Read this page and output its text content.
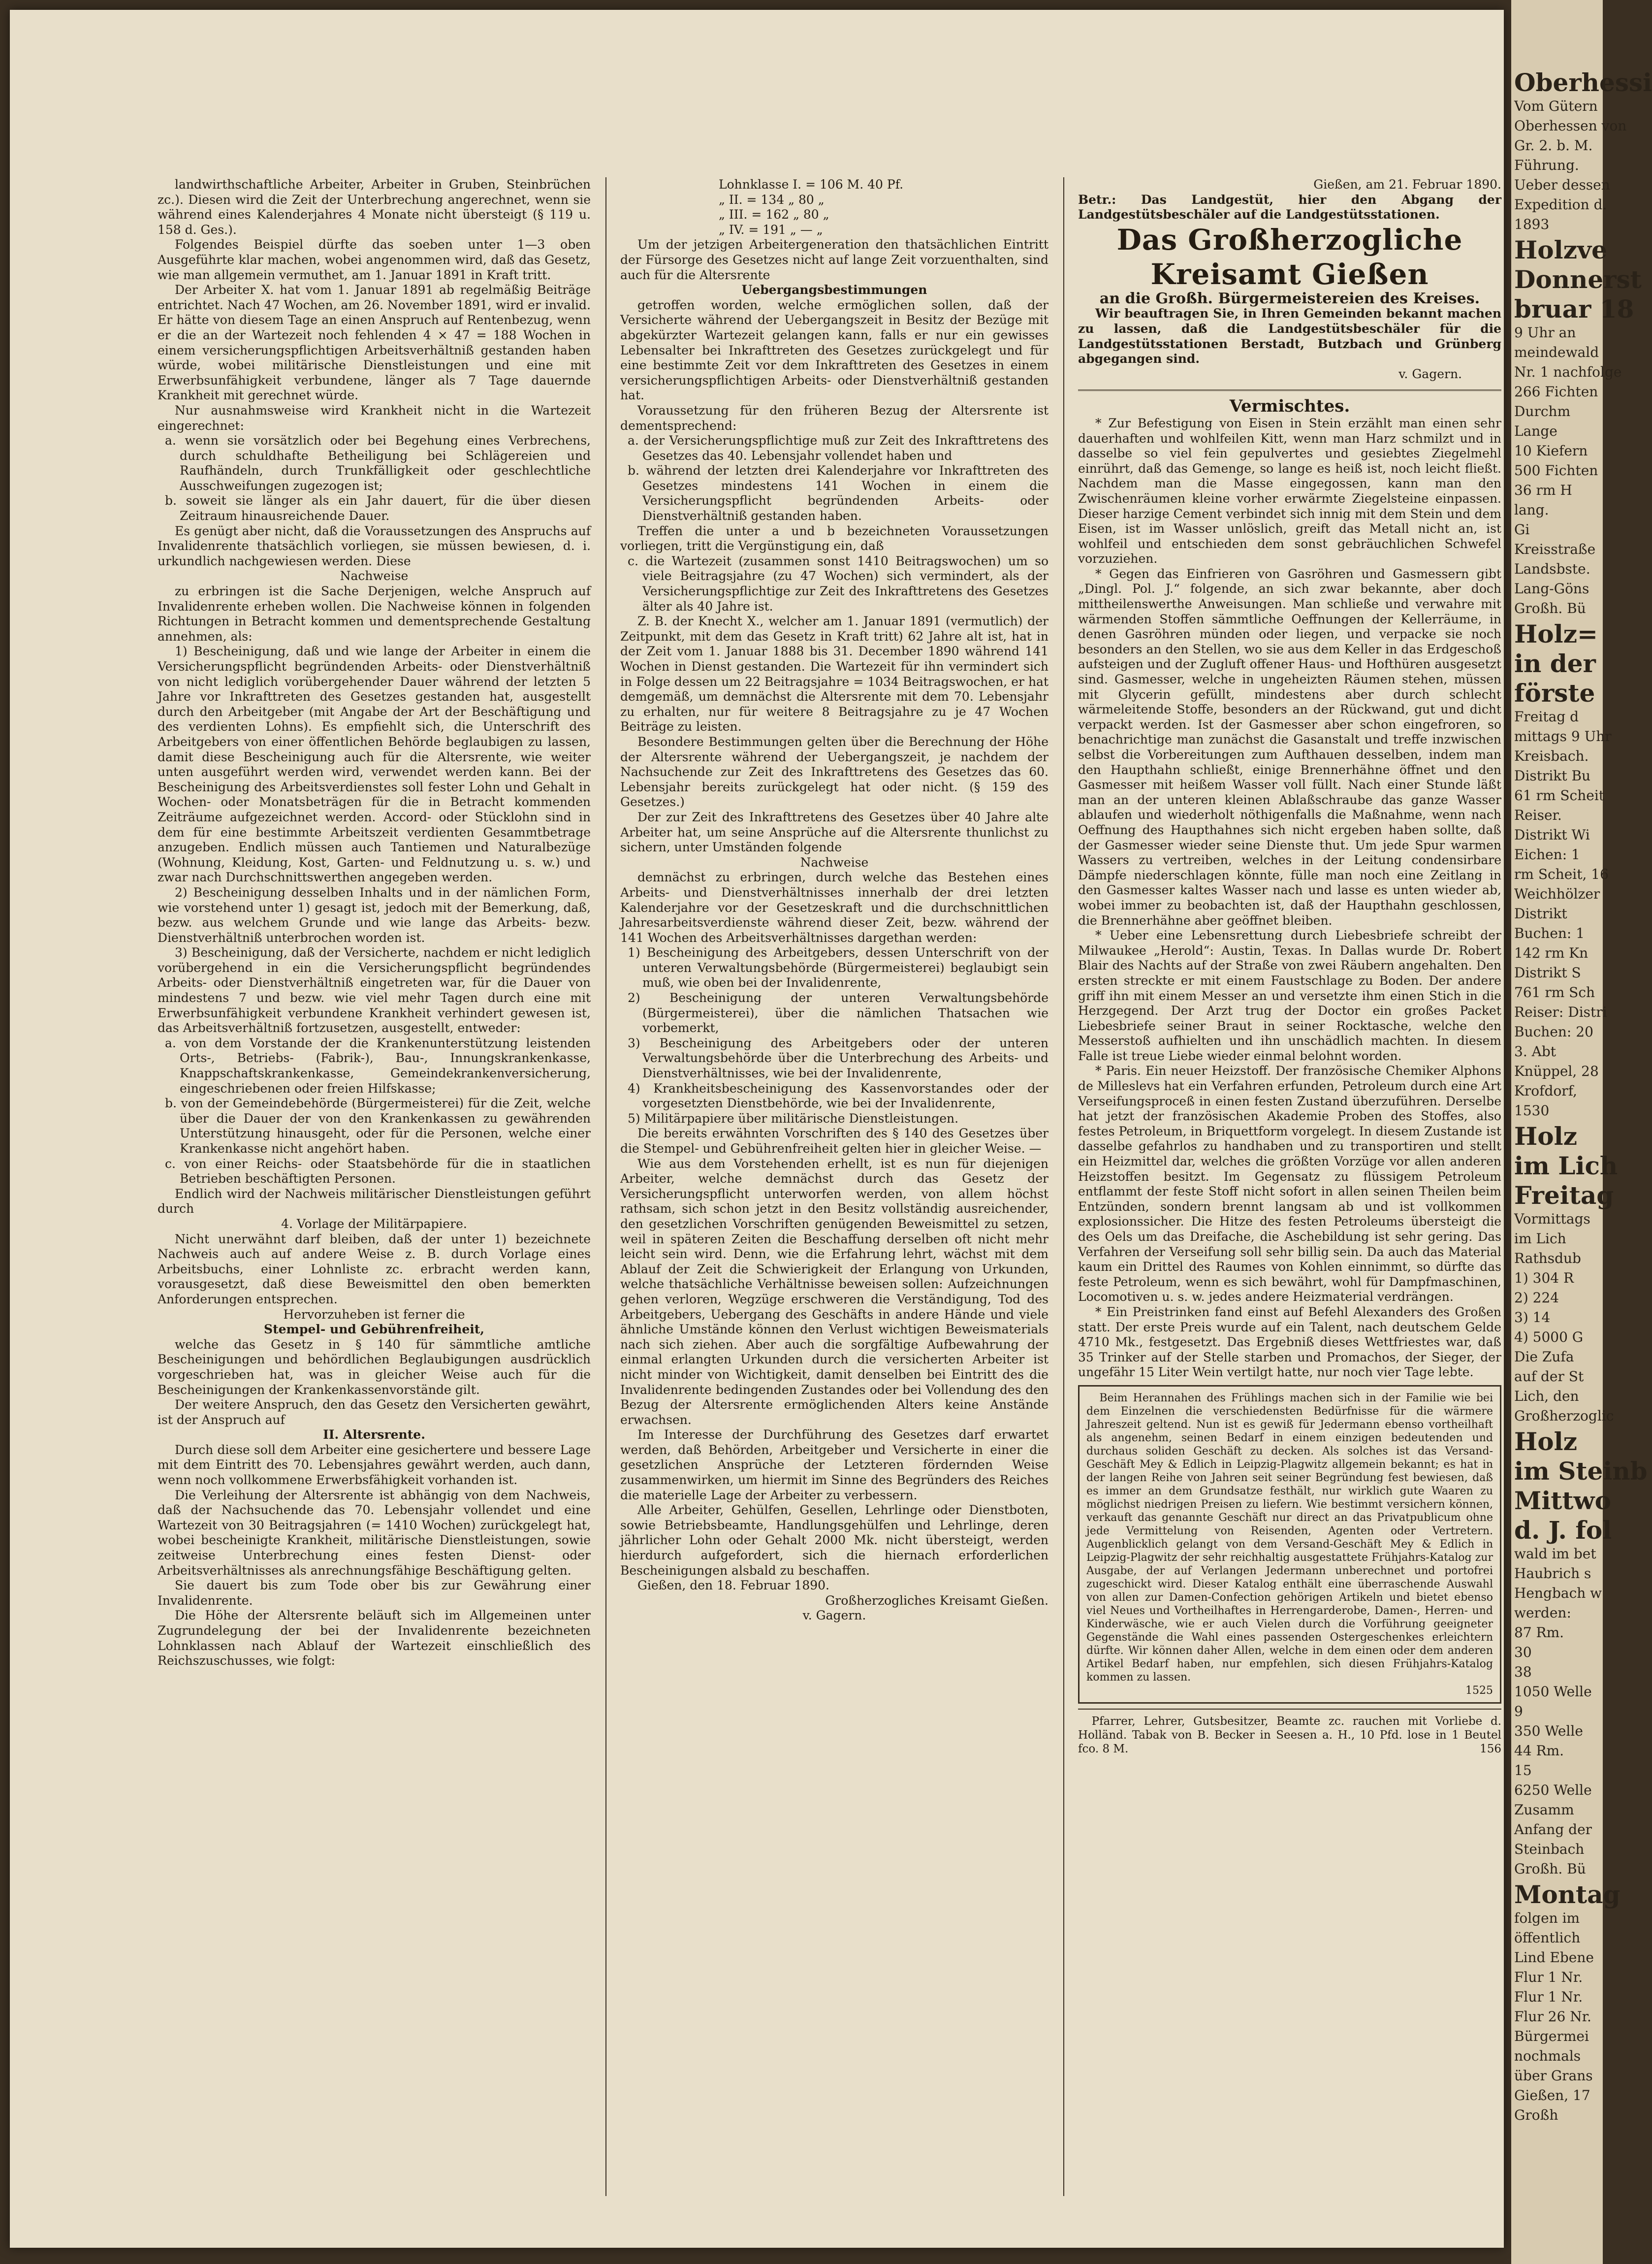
landwirthschaftliche Arbeiter, Arbeiter in Gruben, Steinbrüchen zc.). Diesen wird die Zeit der Unterbrechung angerechnet, wenn sie während eines Kalenderjahres 4 Monate nicht übersteigt (§ 119 u. 158 d. Ges.).

Folgendes Beispiel dürfte das soeben unter 1—3 oben Ausgeführte klar machen, wobei angenommen wird, daß das Gesetz, wie man allgemein vermuthet, am 1. Januar 1891 in Kraft tritt.

Der Arbeiter X. hat vom 1. Januar 1891 ab regelmäßig Beiträge entrichtet. Nach 47 Wochen, am 26. November 1891, wird er invalid. Er hätte von diesem Tage an einen Anspruch auf Rentenbezug, wenn er die an der Wartezeit noch fehlenden 4 × 47 = 188 Wochen in einem versicherungspflichtigen Arbeitsverhältniß gestanden haben würde, wobei militärische Dienstleistungen und eine mit Erwerbsunfähigkeit verbundene, länger als 7 Tage dauernde Krankheit mit gerechnet würde.

Nur ausnahmsweise wird Krankheit nicht in die Wartezeit eingerechnet:

a. wenn sie vorsätzlich oder bei Begehung eines Verbrechens, durch schuldhafte Betheiligung bei Schlägereien und Raufhändeln, durch Trunkfälligkeit oder geschlechtliche Ausschweifungen zugezogen ist;

b. soweit sie länger als ein Jahr dauert, für die über diesen Zeitraum hinausreichende Dauer.

Es genügt aber nicht, daß die Voraussetzungen des Anspruchs auf Invalidenrente thatsächlich vorliegen, sie müssen bewiesen, d. i. urkundlich nachgewiesen werden. Diese

Nachweise

zu erbringen ist die Sache Derjenigen, welche Anspruch auf Invalidenrente erheben wollen. Die Nachweise können in folgenden Richtungen in Betracht kommen und dementsprechende Gestaltung annehmen, als:

1) Bescheinigung, daß und wie lange der Arbeiter in einem die Versicherungspflicht begründenden Arbeits- oder Dienstverhältniß von nicht lediglich vorübergehender Dauer während der letzten 5 Jahre vor Inkrafttreten des Gesetzes gestanden hat, ausgestellt durch den Arbeitgeber (mit Angabe der Art der Beschäftigung und des verdienten Lohns). Es empfiehlt sich, die Unterschrift des Arbeitgebers von einer öffentlichen Behörde beglaubigen zu lassen, damit diese Bescheinigung auch für die Altersrente, wie weiter unten ausgeführt werden wird, verwendet werden kann. Bei der Bescheinigung des Arbeitsverdienstes soll fester Lohn und Gehalt in Wochen- oder Monatsbeträgen für die in Betracht kommenden Zeiträume aufgezeichnet werden. Accord- oder Stücklohn sind in dem für eine bestimmte Arbeitszeit verdienten Gesammtbetrage anzugeben. Endlich müssen auch Tantiemen und Naturalbezüge (Wohnung, Kleidung, Kost, Garten- und Feldnutzung u. s. w.) und zwar nach Durchschnittswerthen angegeben werden.

2) Bescheinigung desselben Inhalts und in der nämlichen Form, wie vorstehend unter 1) gesagt ist, jedoch mit der Bemerkung, daß, bezw. aus welchem Grunde und wie lange das Arbeits- bezw. Dienstverhältniß unterbrochen worden ist.

3) Bescheinigung, daß der Versicherte, nachdem er nicht lediglich vorübergehend in ein die Versicherungspflicht begründendes Arbeits- oder Dienstverhältniß eingetreten war, für die Dauer von mindestens 7 und bezw. wie viel mehr Tagen durch eine mit Erwerbsunfähigkeit verbundene Krankheit verhindert gewesen ist, das Arbeitsverhältniß fortzusetzen, ausgestellt, entweder:

a. von dem Vorstande der die Krankenunterstützung leistenden Orts-, Betriebs- (Fabrik-), Bau-, Innungskrankenkasse, Knappschaftskrankenkasse, Gemeindekrankenversicherung, eingeschriebenen oder freien Hilfskasse;

b. von der Gemeindebehörde (Bürgermeisterei) für die Zeit, welche über die Dauer der von den Krankenkassen zu gewährenden Unterstützung hinausgeht, oder für die Personen, welche einer Krankenkasse nicht angehört haben.

c. von einer Reichs- oder Staatsbehörde für die in staatlichen Betrieben beschäftigten Personen.

Endlich wird der Nachweis militärischer Dienstleistungen geführt durch

4. Vorlage der Militärpapiere.

Nicht unerwähnt darf bleiben, daß der unter 1) bezeichnete Nachweis auch auf andere Weise z. B. durch Vorlage eines Arbeitsbuchs, einer Lohnliste zc. erbracht werden kann, vorausgesetzt, daß diese Beweismittel den oben bemerkten Anforderungen entsprechen.

Hervorzuheben ist ferner die

Stempel- und Gebührenfreiheit,

welche das Gesetz in § 140 für sämmtliche amtliche Bescheinigungen und behördlichen Beglaubigungen ausdrücklich vorgeschrieben hat, was in gleicher Weise auch für die Bescheinigungen der Krankenkassenvorstände gilt.

Der weitere Anspruch, den das Gesetz den Versicherten gewährt, ist der Anspruch auf

II. Altersrente.

Durch diese soll dem Arbeiter eine gesichertere und bessere Lage mit dem Eintritt des 70. Lebensjahres gewährt werden, auch dann, wenn noch vollkommene Erwerbsfähigkeit vorhanden ist.

Die Verleihung der Altersrente ist abhängig von dem Nachweis, daß der Nachsuchende das 70. Lebensjahr vollendet und eine Wartezeit von 30 Beitragsjahren (= 1410 Wochen) zurückgelegt hat, wobei bescheinigte Krankheit, militärische Dienstleistungen, sowie zeitweise Unterbrechung eines festen Dienst- oder Arbeitsverhältnisses als anrechnungsfähige Beschäftigung gelten.

Sie dauert bis zum Tode ober bis zur Gewährung einer Invalidenrente.

Die Höhe der Altersrente beläuft sich im Allgemeinen unter Zugrundelegung der bei der Invalidenrente bezeichneten Lohnklassen nach Ablauf der Wartezeit einschließlich des Reichszuschusses, wie folgt:

Lohnklasse I. = 106 M. 40 Pf.
„ II. = 134 „ 80 „
„ III. = 162 „ 80 „
„ IV. = 191 „ — „

Um der jetzigen Arbeitergeneration den thatsächlichen Eintritt der Fürsorge des Gesetzes nicht auf lange Zeit vorzuenthalten, sind auch für die Altersrente

Uebergangsbestimmungen

getroffen worden, welche ermöglichen sollen, daß der Versicherte während der Uebergangszeit in Besitz der Bezüge mit abgekürzter Wartezeit gelangen kann, falls er nur ein gewisses Lebensalter bei Inkrafttreten des Gesetzes zurückgelegt und für eine bestimmte Zeit vor dem Inkrafttreten des Gesetzes in einem versicherungspflichtigen Arbeits- oder Dienstverhältniß gestanden hat.

Voraussetzung für den früheren Bezug der Altersrente ist dementsprechend:

a. der Versicherungspflichtige muß zur Zeit des Inkrafttretens des Gesetzes das 40. Lebensjahr vollendet haben und

b. während der letzten drei Kalenderjahre vor Inkrafttreten des Gesetzes mindestens 141 Wochen in einem die Versicherungspflicht begründenden Arbeits- oder Dienstverhältniß gestanden haben.

Treffen die unter a und b bezeichneten Voraussetzungen vorliegen, tritt die Vergünstigung ein, daß

c. die Wartezeit (zusammen sonst 1410 Beitragswochen) um so viele Beitragsjahre (zu 47 Wochen) sich vermindert, als der Versicherungspflichtige zur Zeit des Inkrafttretens des Gesetzes älter als 40 Jahre ist.

Z. B. der Knecht X., welcher am 1. Januar 1891 (vermutlich) der Zeitpunkt, mit dem das Gesetz in Kraft tritt) 62 Jahre alt ist, hat in der Zeit vom 1. Januar 1888 bis 31. December 1890 während 141 Wochen in Dienst gestanden. Die Wartezeit für ihn vermindert sich in Folge dessen um 22 Beitragsjahre = 1034 Beitragswochen, er hat demgemäß, um demnächst die Altersrente mit dem 70. Lebensjahr zu erhalten, nur für weitere 8 Beitragsjahre zu je 47 Wochen Beiträge zu leisten.

Besondere Bestimmungen gelten über die Berechnung der Höhe der Altersrente während der Uebergangszeit, je nachdem der Nachsuchende zur Zeit des Inkrafttretens des Gesetzes das 60. Lebensjahr bereits zurückgelegt hat oder nicht. (§ 159 des Gesetzes.)

Der zur Zeit des Inkrafttretens des Gesetzes über 40 Jahre alte Arbeiter hat, um seine Ansprüche auf die Altersrente thunlichst zu sichern, unter Umständen folgende

Nachweise

demnächst zu erbringen, durch welche das Bestehen eines Arbeits- und Dienstverhältnisses innerhalb der drei letzten Kalenderjahre vor der Gesetzeskraft und die durchschnittlichen Jahresarbeitsverdienste während dieser Zeit, bezw. während der 141 Wochen des Arbeitsverhältnisses dargethan werden:

1) Bescheinigung des Arbeitgebers, dessen Unterschrift von der unteren Verwaltungsbehörde (Bürgermeisterei) beglaubigt sein muß, wie oben bei der Invalidenrente,

2) Bescheinigung der unteren Verwaltungsbehörde (Bürgermeisterei), über die nämlichen Thatsachen wie vorbemerkt,

3) Bescheinigung des Arbeitgebers oder der unteren Verwaltungsbehörde über die Unterbrechung des Arbeits- und Dienstverhältnisses, wie bei der Invalidenrente,

4) Krankheitsbescheinigung des Kassenvorstandes oder der vorgesetzten Dienstbehörde, wie bei der Invalidenrente,

5) Militärpapiere über militärische Dienstleistungen.

Die bereits erwähnten Vorschriften des § 140 des Gesetzes über die Stempel- und Gebührenfreiheit gelten hier in gleicher Weise. —

Wie aus dem Vorstehenden erhellt, ist es nun für diejenigen Arbeiter, welche demnächst durch das Gesetz der Versicherungspflicht unterworfen werden, von allem höchst rathsam, sich schon jetzt in den Besitz vollständig ausreichender, den gesetzlichen Vorschriften genügenden Beweismittel zu setzen, weil in späteren Zeiten die Beschaffung derselben oft nicht mehr leicht sein wird. Denn, wie die Erfahrung lehrt, wächst mit dem Ablauf der Zeit die Schwierigkeit der Erlangung von Urkunden, welche thatsächliche Verhältnisse beweisen sollen: Aufzeichnungen gehen verloren, Wegzüge erschweren die Verständigung, Tod des Arbeitgebers, Uebergang des Geschäfts in andere Hände und viele ähnliche Umstände können den Verlust wichtigen Beweismaterials nach sich ziehen. Aber auch die sorgfältige Aufbewahrung der einmal erlangten Urkunden durch die versicherten Arbeiter ist nicht minder von Wichtigkeit, damit denselben bei Eintritt des die Invalidenrente bedingenden Zustandes oder bei Vollendung des den Bezug der Altersrente ermöglichenden Alters keine Anstände erwachsen.

Im Interesse der Durchführung des Gesetzes darf erwartet werden, daß Behörden, Arbeitgeber und Versicherte in einer die gesetzlichen Ansprüche der Letzteren fördernden Weise zusammenwirken, um hiermit im Sinne des Begründers des Reiches die materielle Lage der Arbeiter zu verbessern.

Alle Arbeiter, Gehülfen, Gesellen, Lehrlinge oder Dienstboten, sowie Betriebsbeamte, Handlungsgehülfen und Lehrlinge, deren jährlicher Lohn oder Gehalt 2000 Mk. nicht übersteigt, werden hierdurch aufgefordert, sich die hiernach erforderlichen Bescheinigungen alsbald zu beschaffen.

Gießen, den 18. Februar 1890.

Großherzogliches Kreisamt Gießen.

v. Gagern.

Gießen, am 21. Februar 1890.

Betr.: Das Landgestüt, hier den Abgang der Landgestütsbeschäler auf die Landgestütsstationen.

Das Großherzogliche Kreisamt Gießen
an die Großh. Bürgermeistereien des Kreises.

Wir beauftragen Sie, in Ihren Gemeinden bekannt machen zu lassen, daß die Landgestütsbeschäler für die Landgestütsstationen Berstadt, Butzbach und Grünberg abgegangen sind.

v. Gagern.

Vermischtes.

* Zur Befestigung von Eisen in Stein erzählt man einen sehr dauerhaften und wohlfeilen Kitt, wenn man Harz schmilzt und in dasselbe so viel fein gepulvertes und gesiebtes Ziegelmehl einrührt, daß das Gemenge, so lange es heiß ist, noch leicht fließt. Nachdem man die Masse eingegossen, kann man den Zwischenräumen kleine vorher erwärmte Ziegelsteine einpassen. Dieser harzige Cement verbindet sich innig mit dem Stein und dem Eisen, ist im Wasser unlöslich, greift das Metall nicht an, ist wohlfeil und entschieden dem sonst gebräuchlichen Schwefel vorzuziehen.

* Gegen das Einfrieren von Gasröhren und Gasmessern gibt „Dingl. Pol. J.“ folgende, an sich zwar bekannte, aber doch mittheilenswerthe Anweisungen. Man schließe und verwahre mit wärmenden Stoffen sämmtliche Oeffnungen der Kellerräume, in denen Gasröhren münden oder liegen, und verpacke sie noch besonders an den Stellen, wo sie aus dem Keller in das Erdgeschoß aufsteigen und der Zugluft offener Haus- und Hofthüren ausgesetzt sind. Gasmesser, welche in ungeheizten Räumen stehen, müssen mit Glycerin gefüllt, mindestens aber durch schlecht wärmeleitende Stoffe, besonders an der Rückwand, gut und dicht verpackt werden. Ist der Gasmesser aber schon eingefroren, so benachrichtige man zunächst die Gasanstalt und treffe inzwischen selbst die Vorbereitungen zum Aufthauen desselben, indem man den Haupthahn schließt, einige Brennerhähne öffnet und den Gasmesser mit heißem Wasser voll füllt. Nach einer Stunde läßt man an der unteren kleinen Ablaßschraube das ganze Wasser ablaufen und wiederholt nöthigenfalls die Maßnahme, wenn nach Oeffnung des Haupthahnes sich nicht ergeben haben sollte, daß der Gasmesser wieder seine Dienste thut. Um jede Spur warmen Wassers zu vertreiben, welches in der Leitung condensirbare Dämpfe niederschlagen könnte, fülle man noch eine Zeitlang in den Gasmesser kaltes Wasser nach und lasse es unten wieder ab, wobei immer zu beobachten ist, daß der Haupthahn geschlossen, die Brennerhähne aber geöffnet bleiben.

* Ueber eine Lebensrettung durch Liebesbriefe schreibt der Milwaukee „Herold“: Austin, Texas. In Dallas wurde Dr. Robert Blair des Nachts auf der Straße von zwei Räubern angehalten. Den ersten streckte er mit einem Faustschlage zu Boden. Der andere griff ihn mit einem Messer an und versetzte ihm einen Stich in die Herzgegend. Der Arzt trug der Doctor ein großes Packet Liebesbriefe seiner Braut in seiner Rocktasche, welche den Messerstoß aufhielten und ihn unschädlich machten. In diesem Falle ist treue Liebe wieder einmal belohnt worden.

* Paris. Ein neuer Heizstoff. Der französische Chemiker Alphons de Milleslevs hat ein Verfahren erfunden, Petroleum durch eine Art Verseifungsproceß in einen festen Zustand überzuführen. Derselbe hat jetzt der französischen Akademie Proben des Stoffes, also festes Petroleum, in Briquettform vorgelegt. In diesem Zustande ist dasselbe gefahrlos zu handhaben und zu transportiren und stellt ein Heizmittel dar, welches die größten Vorzüge vor allen anderen Heizstoffen besitzt. Im Gegensatz zu flüssigem Petroleum entflammt der feste Stoff nicht sofort in allen seinen Theilen beim Entzünden, sondern brennt langsam ab und ist vollkommen explosionssicher. Die Hitze des festen Petroleums übersteigt die des Oels um das Dreifache, die Aschebildung ist sehr gering. Das Verfahren der Verseifung soll sehr billig sein. Da auch das Material kaum ein Drittel des Raumes von Kohlen einnimmt, so dürfte das feste Petroleum, wenn es sich bewährt, wohl für Dampfmaschinen, Locomotiven u. s. w. jedes andere Heizmaterial verdrängen.

* Ein Preistrinken fand einst auf Befehl Alexanders des Großen statt. Der erste Preis wurde auf ein Talent, nach deutschem Gelde 4710 Mk., festgesetzt. Das Ergebniß dieses Wettfriestes war, daß 35 Trinker auf der Stelle starben und Promachos, der Sieger, der ungefähr 15 Liter Wein vertilgt hatte, nur noch vier Tage lebte.

Beim Herannahen des Frühlings machen sich in der Familie wie bei dem Einzelnen die verschiedensten Bedürfnisse für die wärmere Jahreszeit geltend. Nun ist es gewiß für Jedermann ebenso vortheilhaft als angenehm, seinen Bedarf in einem einzigen bedeutenden und durchaus soliden Geschäft zu decken. Als solches ist das Versand-Geschäft Mey & Edlich in Leipzig-Plagwitz allgemein bekannt; es hat in der langen Reihe von Jahren seit seiner Begründung fest bewiesen, daß es immer an dem Grundsatze festhält, nur wirklich gute Waaren zu möglichst niedrigen Preisen zu liefern. Wie bestimmt versichern können, verkauft das genannte Geschäft nur direct an das Privatpublicum ohne jede Vermittelung von Reisenden, Agenten oder Vertretern. Augenblicklich gelangt von dem Versand-Geschäft Mey & Edlich in Leipzig-Plagwitz der sehr reichhaltig ausgestattete Frühjahrs-Katalog zur Ausgabe, der auf Verlangen Jedermann unberechnet und portofrei zugeschickt wird. Dieser Katalog enthält eine überraschende Auswahl von allen zur Damen-Confection gehörigen Artikeln und bietet ebenso viel Neues und Vortheilhaftes in Herrengarderobe, Damen-, Herren- und Kinderwäsche, wie er auch Vielen durch die Vorführung geeigneter Gegenstände die Wahl eines passenden Ostergeschenkes erleichtern dürfte. Wir können daher Allen, welche in dem einen oder dem anderen Artikel Bedarf haben, nur empfehlen, sich diesen Frühjahrs-Katalog kommen zu lassen.

1525

Pfarrer, Lehrer, Gutsbesitzer, Beamte zc. rauchen mit Vorliebe d. Holländ. Tabak von B. Becker in Seesen a. H., 10 Pfd. lose in 1 Beutel fco. 8 M.	156
Oberhessi
Vom Gütern
Oberhessen von
Gr. 2. b. M.
Führung.
Ueber dessen
Expedition d.
1893
Holzve
Donnerst
bruar 18
9 Uhr an
meindewald
Nr. 1 nachfolge
266 Fichten
Durchm
Lange
10 Kiefern
500 Fichten
36 rm H
lang.
Gi
Kreisstraße
Landsbste.
Lang-Göns
Großh. Bü
Holz=
in der
förste
Freitag d
mittags 9 Uhr
Kreisbach.
Distrikt Bu
61 rm Scheit
Reiser.
Distrikt Wi
Eichen: 1
rm Scheit, 16
Weichhölzer
Distrikt
Buchen: 1
142 rm Kn
Distrikt S
761 rm Sch
Reiser: Distri
Buchen: 20
3. Abt
Knüppel, 28
Krofdorf,
1530
Holz
im Lich
Freitag
Vormittags
im Lich
Rathsdub
1) 304 R
2) 224
3) 14
4) 5000 G
Die Zufa
auf der St
Lich, den
Großherzoglic
Holz
im Steinb
Mittwo
d. J. fol
wald im bet
Haubrich s
Hengbach w
werden:
87 Rm.
30
38
1050 Welle
9
350 Welle
44 Rm.
15
6250 Welle
Zusamm
Anfang der
Steinbach
Großh. Bü
Montag
folgen im
öffentlich
Lind Ebene
Flur 1 Nr.
Flur 1 Nr.
Flur 26 Nr.
Bürgermei
nochmals
über Grans
Gießen, 17
Großh
